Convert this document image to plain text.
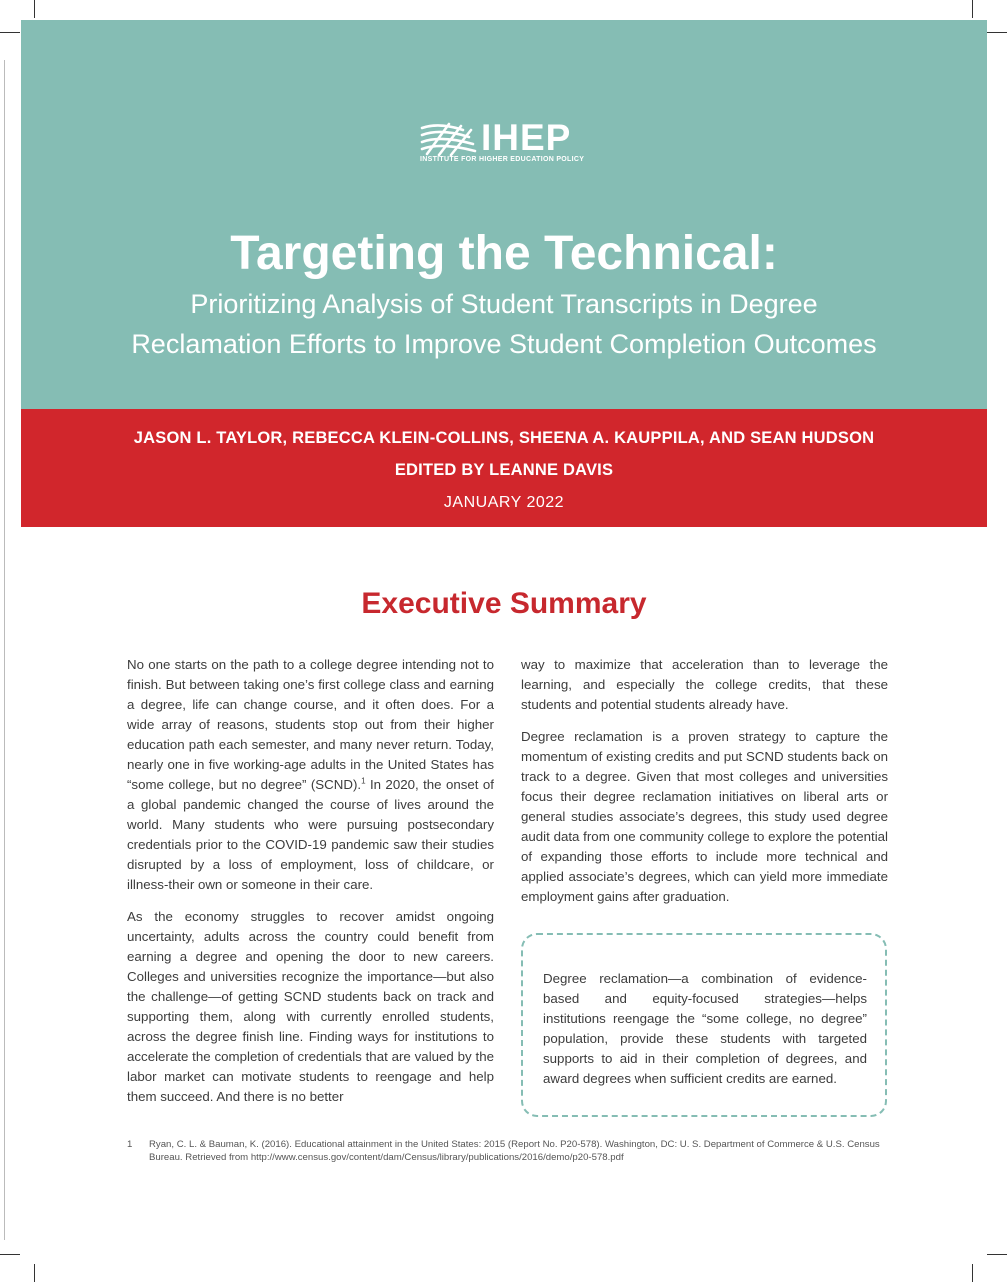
IHEP
INSTITUTE FOR HIGHER EDUCATION POLICY
Targeting the Technical:
Prioritizing Analysis of Student Transcripts in Degree
Reclamation Efforts to Improve Student Completion Outcomes

JASON L. TAYLOR, REBECCA KLEIN-COLLINS, SHEENA A. KAUPPILA, AND SEAN HUDSON

EDITED BY LEANNE DAVIS

JANUARY 2022

Executive Summary

No one starts on the path to a college degree intending not to finish. But between taking one’s first college class and earning a degree, life can change course, and it often does. For a wide array of reasons, students stop out from their higher education path each semester, and many never return. Today, nearly one in five working-age adults in the United States has “some college, but no degree” (SCND).$^1$ In 2020, the onset of a global pandemic changed the course of lives around the world. Many students who were pursuing postsecondary credentials prior to the COVID-19 pandemic saw their studies disrupted by a loss of employment, loss of childcare, or illness-their own or someone in their care.

As the economy struggles to recover amidst ongoing uncertainty, adults across the country could benefit from earning a degree and opening the door to new careers. Colleges and universities recognize the importance—but also the challenge—of getting SCND students back on track and supporting them, along with currently enrolled students, across the degree finish line. Finding ways for institutions to accelerate the completion of credentials that are valued by the labor market can motivate students to reengage and help them succeed. And there is no better

way to maximize that acceleration than to leverage the learning, and especially the college credits, that these students and potential students already have.

Degree reclamation is a proven strategy to capture the momentum of existing credits and put SCND students back on track to a degree. Given that most colleges and universities focus their degree reclamation initiatives on liberal arts or general studies associate’s degrees, this study used degree audit data from one community college to explore the potential of expanding those efforts to include more technical and applied associate’s degrees, which can yield more immediate employment gains after graduation.

Degree reclamation—a combination of evidence-based and equity-focused strategies—helps institutions reengage the “some college, no degree” population, provide these students with targeted supports to aid in their completion of degrees, and award degrees when sufficient credits are earned.

1 Ryan, C. L. & Bauman, K. (2016). Educational attainment in the United States: 2015 (Report No. P20-578). Washington, DC: U. S. Department of Commerce & U.S. Census Bureau. Retrieved from http://www.census.gov/content/dam/Census/library/publications/2016/demo/p20-578.pdf
